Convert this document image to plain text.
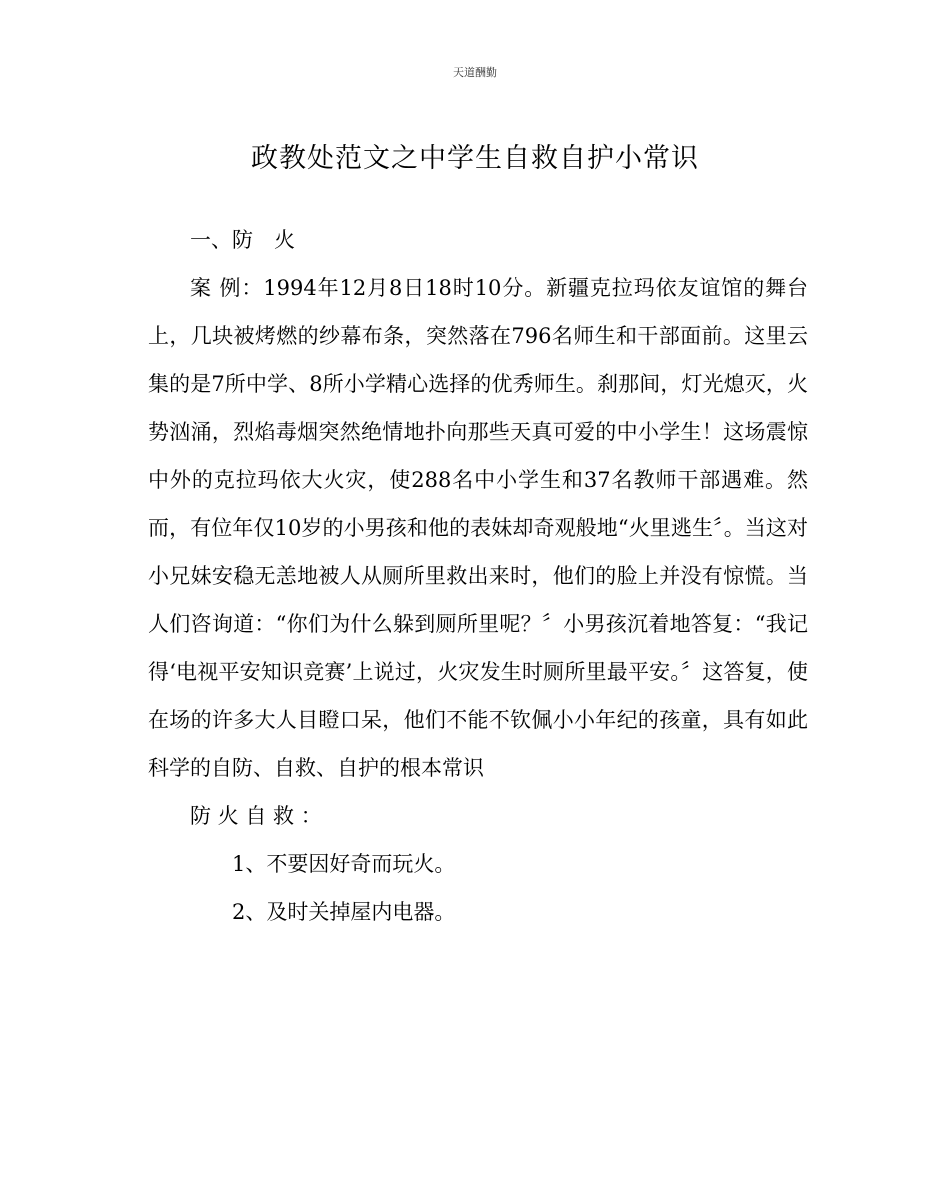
天道酬勤
政教处范文之中学生自救自护小常识

一、防　火

案 例：1994年12月8日18时10分。新疆克拉玛依友谊馆的舞台上，几块被烤燃的纱幕布条，突然落在796名师生和干部面前。这里云集的是7所中学、8所小学精心选择的优秀师生。刹那间，灯光熄灭，火势汹涌，烈焰毒烟突然绝情地扑向那些天真可爱的中小学生！这场震惊中外的克拉玛依大火灾，使288名中小学生和37名教师干部遇难。然而，有位年仅10岁的小男孩和他的表妹却奇观般地“火里逃生〞。当这对小兄妹安稳无恙地被人从厕所里救出来时，他们的脸上并没有惊慌。当人们咨询道：“你们为什么躲到厕所里呢？〞小男孩沉着地答复：“我记得‘电视平安知识竞赛’上说过，火灾发生时厕所里最平安。〞这答复，使在场的许多大人目瞪口呆，他们不能不钦佩小小年纪的孩童，具有如此科学的自防、自救、自护的根本常识

防 火 自 救 ：

1、不要因好奇而玩火。

2、及时关掉屋内电器。
